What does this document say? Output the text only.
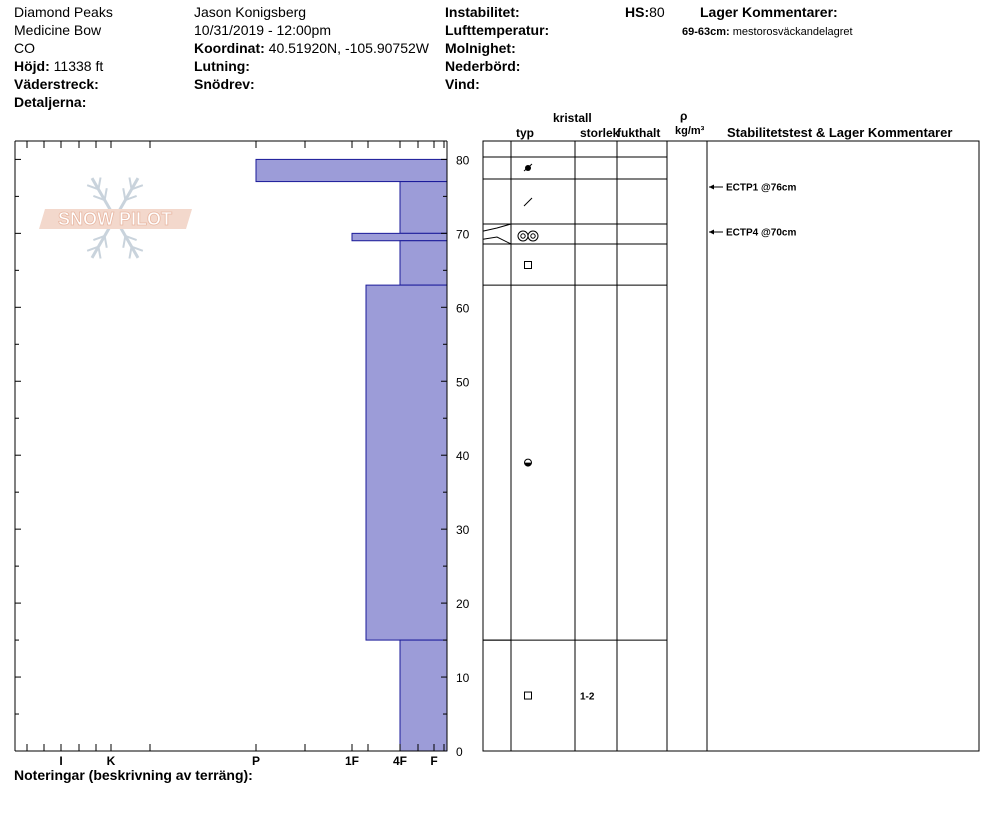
Diamond Peaks
Medicine Bow
CO
Höjd: 11338 ft
Väderstreck:
Detaljerna:
Jason Konigsberg
10/31/2019 - 12:00pm
Koordinat: 40.51920N, -105.90752W
Lutning:
Snödrev:
Instabilitet:
Lufttemperatur:
Molnighet:
Nederbörd:
Vind:
HS:80	Lager Kommentarer:
69-63cm: mestorosväckandelagret
kristall
typ	storlek
fukthalt
ρ
kg/m³ Stabilitetstest & Lager Kommentarer
SNOW PILOT
0
10
20
30
40
50
60
70
80
I	K	P	1F	4F F
1-2
ECTP1 @76cm
ECTP4 @70cm
Noteringar (beskrivning av terräng):
